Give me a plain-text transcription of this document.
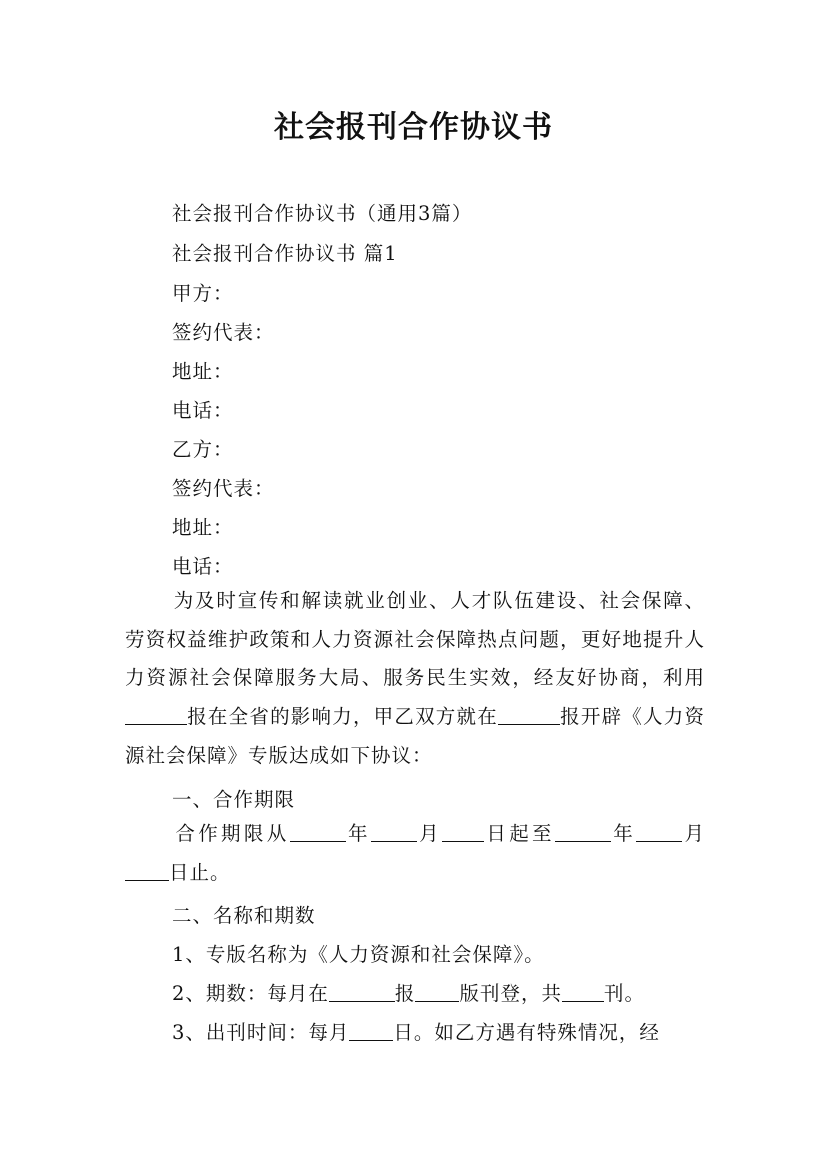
社会报刊合作协议书
社会报刊合作协议书（通用3篇）
社会报刊合作协议书 篇1
甲方：
签约代表：
地址：
电话：
乙方：
签约代表：
地址：
电话：
为及时宣传和解读就业创业、人才队伍建设、社会保障、劳资权益维护政策和人力资源社会保障热点问题，更好地提升人力资源社会保障服务大局、服务民生实效，经友好协商，利用报在全省的影响力，甲乙双方就在	报开辟《人力资源社会保障》专版达成如下协议：
一、合作期限
合作期限从	年 月 日起至	年 月日止。
二、名称和期数
1、专版名称为《人力资源和社会保障》。
2、期数：每月在	报 版刊登，共 刊。
3、出刊时间：每月 日。如乙方遇有特殊情况，经
